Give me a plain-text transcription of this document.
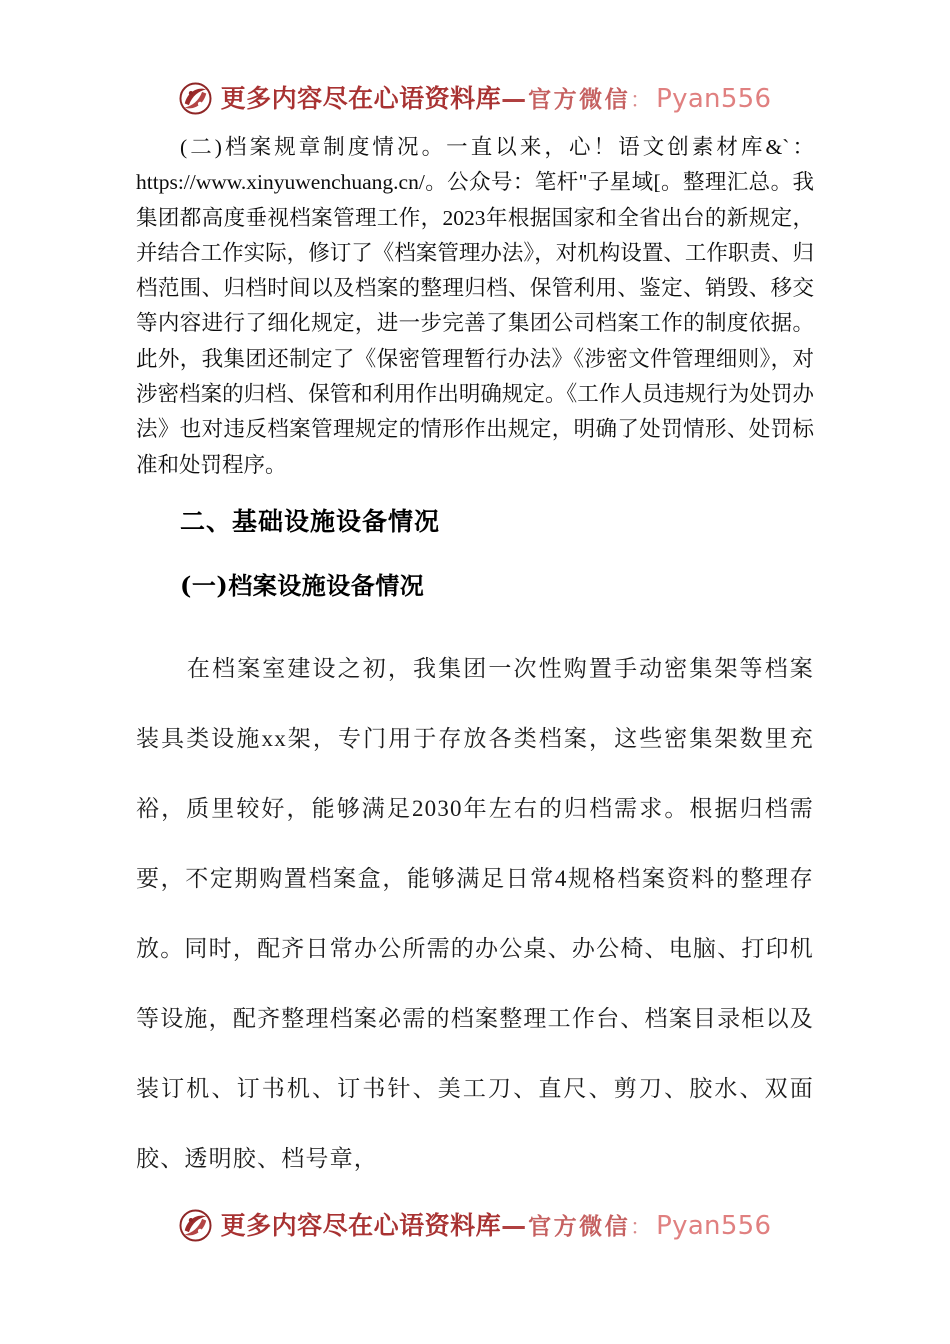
更多内容尽在心语资料库 — 官方微信 ： Pyan556

(二)档案规章制度情况。一直以来，心！语文创素材库&`：https://www.xinyuwenchuang.cn/。公众号：笔杆"子星域[。整理汇总。我集团都高度垂视档案管理工作，2023年根据国家和全省出台的新规定，并结合工作实际，修订了《档案管理办法》，对机构设置、工作职责、归档范围、归档时间以及档案的整理归档、保管利用、鉴定、销毁、移交等内容进行了细化规定，进一步完善了集团公司档案工作的制度依据。此外，我集团还制定了《保密管理暂行办法》《涉密文件管理细则》，对涉密档案的归档、保管和利用作出明确规定。《工作人员违规行为处罚办法》也对违反档案管理规定的情形作出规定，明确了处罚情形、处罚标准和处罚程序。

二、基础设施设备情况
(一)档案设施设备情况

在档案室建设之初，我集团一次性购置手动密集架等档案装具类设施xx架，专门用于存放各类档案，这些密集架数里充裕，质里较好，能够满足2030年左右的归档需求。根据归档需要，不定期购置档案盒，能够满足日常4规格档案资料的整理存放。同时，配齐日常办公所需的办公桌、办公椅、电脑、打印机等设施，配齐整理档案必需的档案整理工作台、档案目录柜以及装订机、订书机、订书针、美工刀、直尺、剪刀、胶水、双面胶、透明胶、档号章，

更多内容尽在心语资料库 — 官方微信 ： Pyan556
